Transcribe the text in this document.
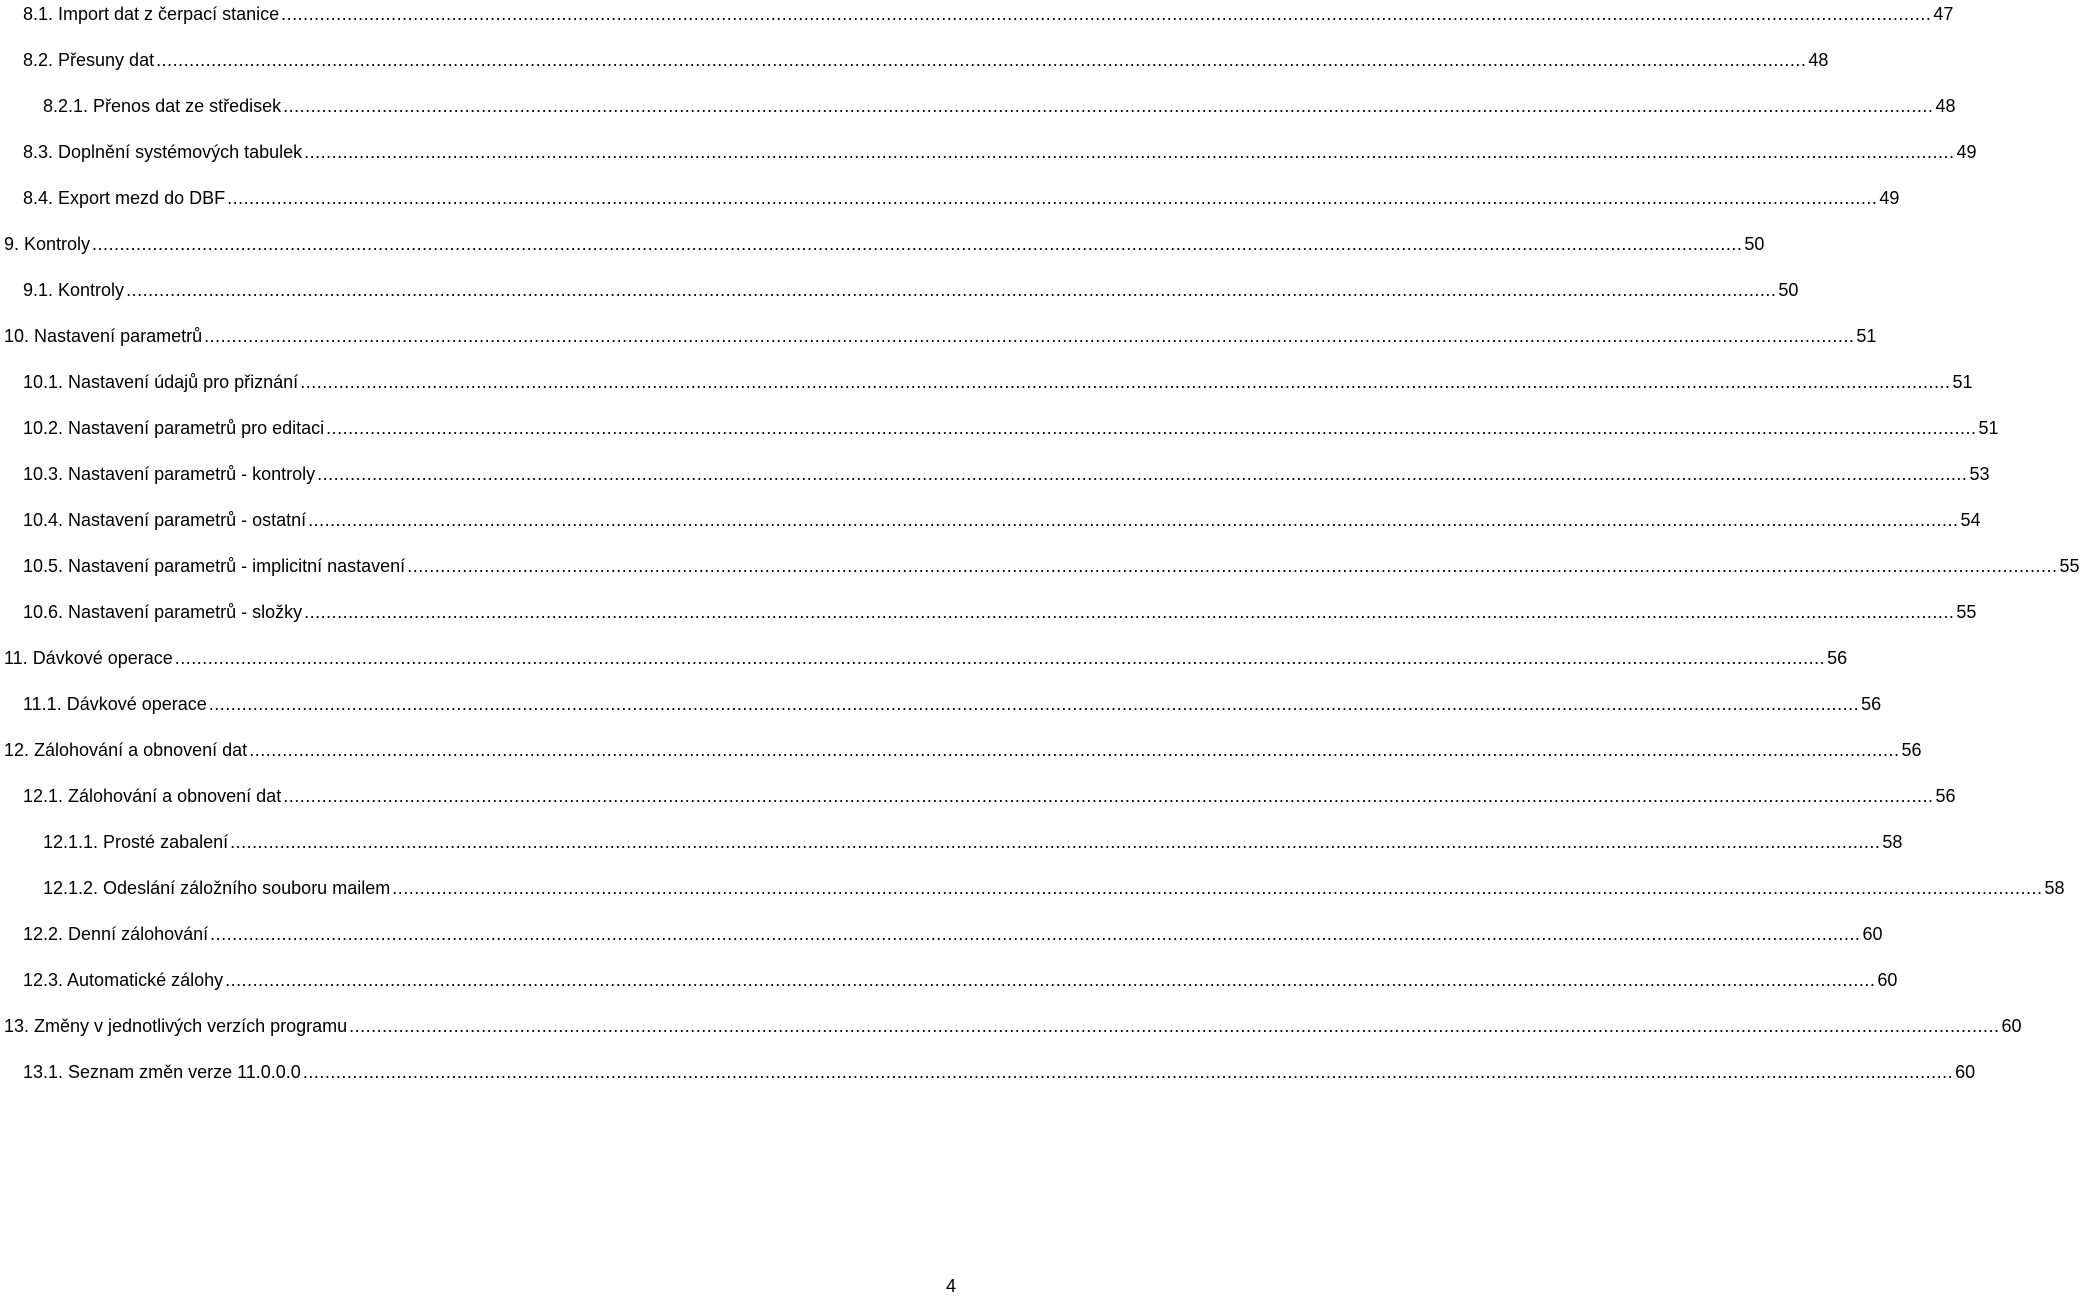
8.1. Import dat z čerpací stanice ............................................................................................................................................................................................................................................................................................................ 47
8.2. Přesuny dat ............................................................................................................................................................................................................................................................................................................ 48
8.2.1. Přenos dat ze středisek ............................................................................................................................................................................................................................................................................................................ 48
8.3. Doplnění systémových tabulek ............................................................................................................................................................................................................................................................................................................ 49
8.4. Export mezd do DBF ............................................................................................................................................................................................................................................................................................................ 49
9. Kontroly ............................................................................................................................................................................................................................................................................................................ 50
9.1. Kontroly ............................................................................................................................................................................................................................................................................................................ 50
10. Nastavení parametrů ............................................................................................................................................................................................................................................................................................................ 51
10.1. Nastavení údajů pro přiznání ............................................................................................................................................................................................................................................................................................................ 51
10.2. Nastavení parametrů pro editaci ............................................................................................................................................................................................................................................................................................................ 51
10.3. Nastavení parametrů - kontroly ............................................................................................................................................................................................................................................................................................................ 53
10.4. Nastavení parametrů - ostatní ............................................................................................................................................................................................................................................................................................................ 54
10.5. Nastavení parametrů - implicitní nastavení ............................................................................................................................................................................................................................................................................................................ 55
10.6. Nastavení parametrů - složky ............................................................................................................................................................................................................................................................................................................ 55
11. Dávkové operace ............................................................................................................................................................................................................................................................................................................ 56
11.1. Dávkové operace ............................................................................................................................................................................................................................................................................................................ 56
12. Zálohování a obnovení dat ............................................................................................................................................................................................................................................................................................................ 56
12.1. Zálohování a obnovení dat ............................................................................................................................................................................................................................................................................................................ 56
12.1.1. Prosté zabalení ............................................................................................................................................................................................................................................................................................................ 58
12.1.2. Odeslání záložního souboru mailem ............................................................................................................................................................................................................................................................................................................ 58
12.2. Denní zálohování ............................................................................................................................................................................................................................................................................................................ 60
12.3. Automatické zálohy ............................................................................................................................................................................................................................................................................................................ 60
13. Změny v jednotlivých verzích programu ............................................................................................................................................................................................................................................................................................................ 60
13.1. Seznam změn verze 11.0.0.0 ............................................................................................................................................................................................................................................................................................................ 60
4
